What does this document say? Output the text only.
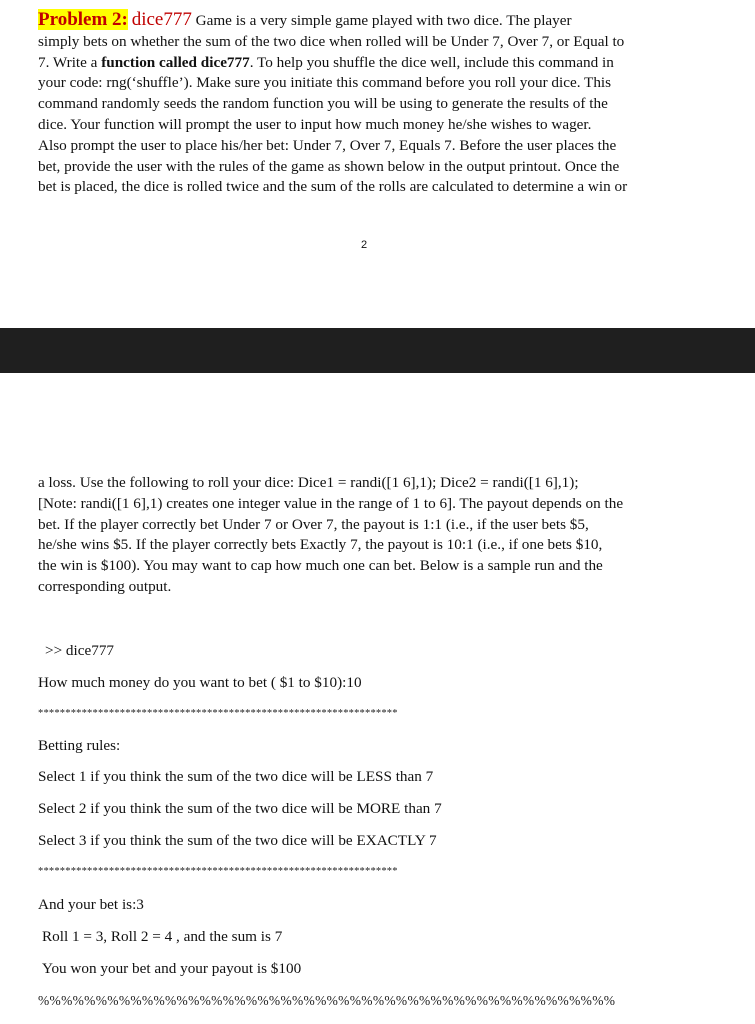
Problem 2: dice777 Game is a very simple game played with two dice. The player
simply bets on whether the sum of the two dice when rolled will be Under 7, Over 7, or Equal to
7. Write a function called dice777. To help you shuffle the dice well, include this command in
your code: rng(‘shuffle’). Make sure you initiate this command before you roll your dice. This
command randomly seeds the random function you will be using to generate the results of the
dice. Your function will prompt the user to input how much money he/she wishes to wager.
Also prompt the user to place his/her bet: Under 7, Over 7, Equals 7. Before the user places the
bet, provide the user with the rules of the game as shown below in the output printout. Once the
bet is placed, the dice is rolled twice and the sum of the rolls are calculated to determine a win or
2
a loss. Use the following to roll your dice: Dice1 = randi([1 6],1); Dice2 = randi([1 6],1);
[Note: randi([1 6],1) creates one integer value in the range of 1 to 6]. The payout depends on the
bet. If the player correctly bet Under 7 or Over 7, the payout is 1:1 (i.e., if the user bets $5,
he/she wins $5. If the player correctly bets Exactly 7, the payout is 10:1 (i.e., if one bets $10,
the win is $100). You may want to cap how much one can bet. Below is a sample run and the
corresponding output.
>> dice777
How much money do you want to bet ( $1 to $10):10
******************************************************************
Betting rules:
Select 1 if you think the sum of the two dice will be LESS than 7
Select 2 if you think the sum of the two dice will be MORE than 7
Select 3 if you think the sum of the two dice will be EXACTLY 7
******************************************************************
And your bet is:3
Roll 1 = 3, Roll 2 = 4 , and the sum is 7
You won your bet and your payout is $100
%%%%%%%%%%%%%%%%%%%%%%%%%%%%%%%%%%%%%%%%%%%%%%%%%%
